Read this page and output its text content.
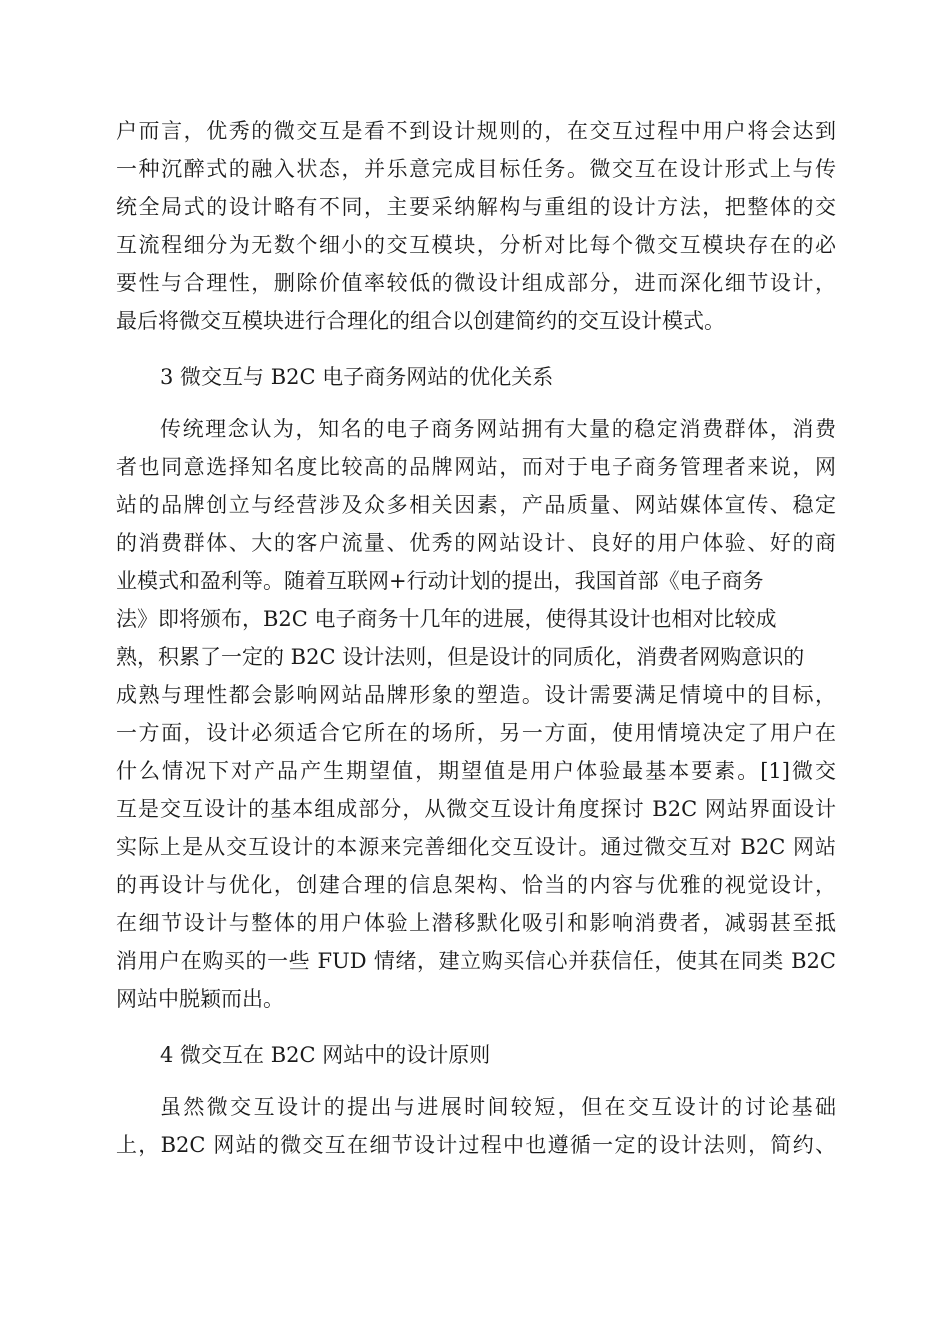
户而言，优秀的微交互是看不到设计规则的，在交互过程中用户将会达到
一种沉醉式的融入状态，并乐意完成目标任务。微交互在设计形式上与传
统全局式的设计略有不同，主要采纳解构与重组的设计方法，把整体的交
互流程细分为无数个细小的交互模块，分析对比每个微交互模块存在的必
要性与合理性，删除价值率较低的微设计组成部分，进而深化细节设计，
最后将微交互模块进行合理化的组合以创建简约的交互设计模式。
3 微交互与 B2C 电子商务网站的优化关系
传统理念认为，知名的电子商务网站拥有大量的稳定消费群体，消费
者也同意选择知名度比较高的品牌网站，而对于电子商务管理者来说，网
站的品牌创立与经营涉及众多相关因素，产品质量、网站媒体宣传、稳定
的消费群体、大的客户流量、优秀的网站设计、良好的用户体验、好的商
业模式和盈利等。随着互联网+行动计划的提出，我国首部《电子商务
法》即将颁布，B2C 电子商务十几年的进展，使得其设计也相对比较成
熟，积累了一定的 B2C 设计法则，但是设计的同质化，消费者网购意识的
成熟与理性都会影响网站品牌形象的塑造。设计需要满足情境中的目标，
一方面，设计必须适合它所在的场所，另一方面，使用情境决定了用户在
什么情况下对产品产生期望值，期望值是用户体验最基本要素。[1]微交
互是交互设计的基本组成部分，从微交互设计角度探讨 B2C 网站界面设计
实际上是从交互设计的本源来完善细化交互设计。通过微交互对 B2C 网站
的再设计与优化，创建合理的信息架构、恰当的内容与优雅的视觉设计，
在细节设计与整体的用户体验上潜移默化吸引和影响消费者，减弱甚至抵
消用户在购买的一些 FUD 情绪，建立购买信心并获信任，使其在同类 B2C
网站中脱颖而出。
4 微交互在 B2C 网站中的设计原则
虽然微交互设计的提出与进展时间较短，但在交互设计的讨论基础
上，B2C 网站的微交互在细节设计过程中也遵循一定的设计法则，简约、
